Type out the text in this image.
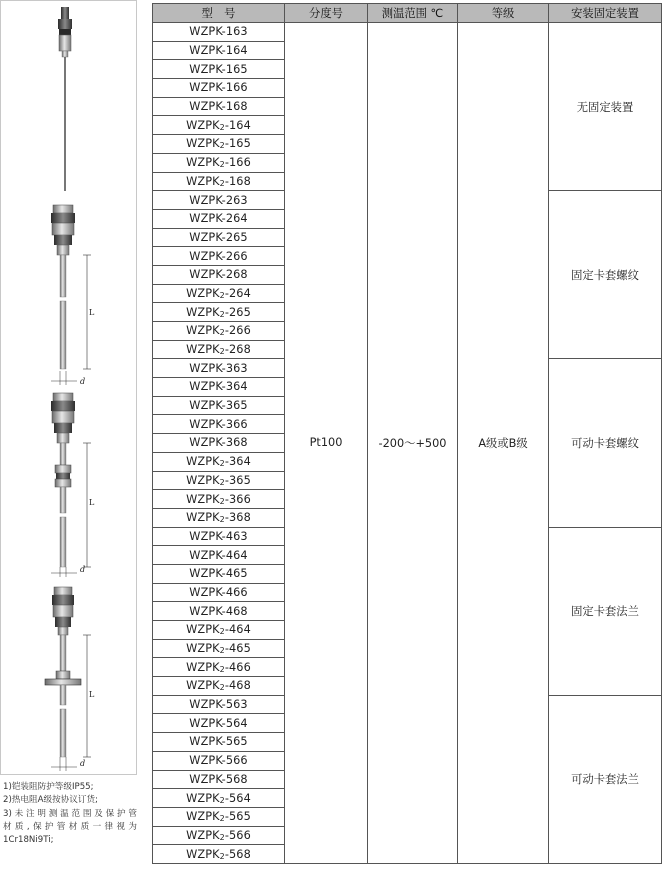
L
d
L
d
L
d
1)铠装阻防护等级IP55;
2)热电阻A级按协议订货;
3)未注明测温范围及保护管
材质,保护管材质一律视为
1Cr18Ni9Ti;
型　号	分度号	测温范围 ℃	等级	安装固定装置
WZPK-163	Pt100	-200～+500	A级或B级	无固定装置
WZPK-164				
WZPK-165				
WZPK-166				
WZPK-168				
WZPK2-164				
WZPK2-165				
WZPK2-166				
WZPK2-168				
WZPK-263				固定卡套螺纹
WZPK-264				
WZPK-265				
WZPK-266				
WZPK-268				
WZPK2-264				
WZPK2-265				
WZPK2-266				
WZPK2-268				
WZPK-363				可动卡套螺纹
WZPK-364				
WZPK-365				
WZPK-366				
WZPK-368				
WZPK2-364				
WZPK2-365				
WZPK2-366				
WZPK2-368				
WZPK-463				固定卡套法兰
WZPK-464				
WZPK-465				
WZPK-466				
WZPK-468				
WZPK2-464				
WZPK2-465				
WZPK2-466				
WZPK2-468				
WZPK-563				可动卡套法兰
WZPK-564				
WZPK-565				
WZPK-566				
WZPK-568				
WZPK2-564				
WZPK2-565				
WZPK2-566				
WZPK2-568				
